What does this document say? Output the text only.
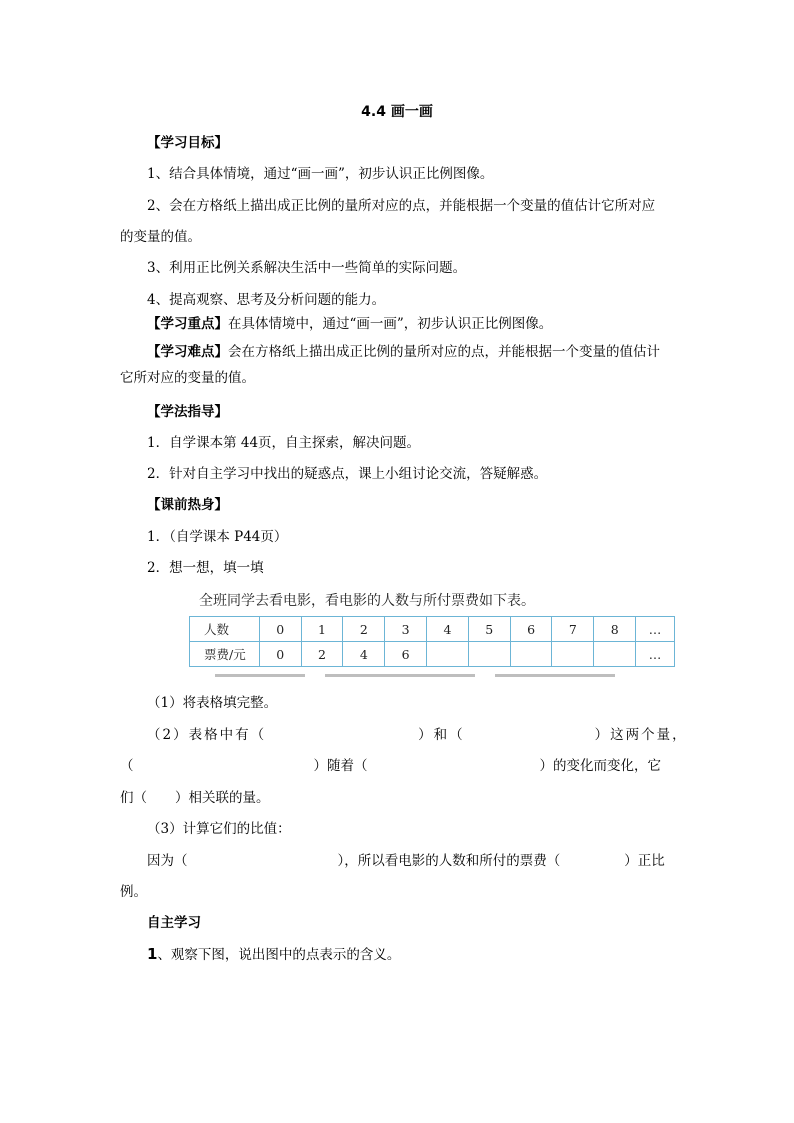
4.4 画一画
【学习目标】
1、结合具体情境，通过“画一画”，初步认识正比例图像。
2、会在方格纸上描出成正比例的量所对应的点，并能根据一个变量的值估计它所对应
的变量的值。
3、利用正比例关系解决生活中一些简单的实际问题。
4、提高观察、思考及分析问题的能力。
【学习重点】在具体情境中，通过“画一画”，初步认识正比例图像。
【学习难点】会在方格纸上描出成正比例的量所对应的点，并能根据一个变量的值估计
它所对应的变量的值。
【学法指导】
1．自学课本第 44页，自主探索，解决问题。
2．针对自主学习中找出的疑惑点，课上小组讨论交流，答疑解惑。
【课前热身】
1．（自学课本 P44页）
2．想一想，填一填
全班同学去看电影，看电影的人数与所付票费如下表。
人数	0	1	2	3	4	5	6	7	8	…
票费/元	0	2	4	6						…
（1）将表格填完整。
（2）表格中有（	）和（	）这两个量，
（	）随着（	）的变化而变化，它
们（ ）相关联的量。
（3）计算它们的比值：
因为（	），所以看电影的人数和所付的票费（	）正比
例。
自主学习
1、观察下图，说出图中的点表示的含义。
